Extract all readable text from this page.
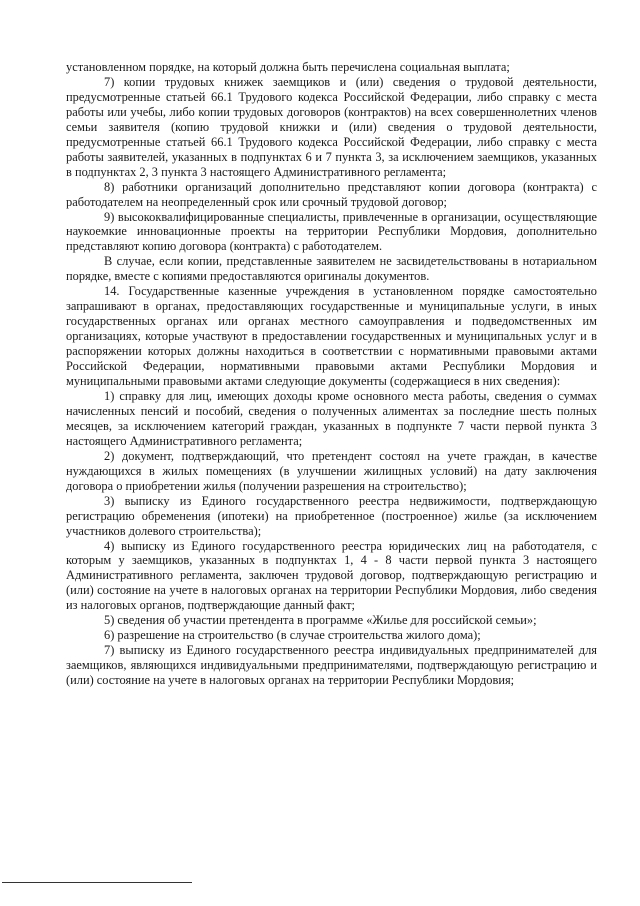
установленном порядке, на который должна быть перечислена социальная выплата;

7) копии трудовых книжек заемщиков и (или) сведения о трудовой деятельности, предусмотренные статьей 66.1 Трудового кодекса Российской Федерации, либо справку с места работы или учебы, либо копии трудовых договоров (контрактов) на всех совершеннолетних членов семьи заявителя (копию трудовой книжки и (или) сведения о трудовой деятельности, предусмотренные статьей 66.1 Трудового кодекса Российской Федерации, либо справку с места работы заявителей, указанных в подпунктах 6 и 7 пункта 3, за исключением заемщиков, указанных в подпунктах 2, 3 пункта 3 настоящего Административного регламента;

8) работники организаций дополнительно представляют копии договора (контракта) с работодателем на неопределенный срок или срочный трудовой договор;

9) высококвалифицированные специалисты, привлеченные в организации, осуществляющие наукоемкие инновационные проекты на территории Республики Мордовия, дополнительно представляют копию договора (контракта) с работодателем.

В случае, если копии, представленные заявителем не засвидетельствованы в нотариальном порядке, вместе с копиями предоставляются оригиналы документов.

14. Государственные казенные учреждения в установленном порядке самостоятельно запрашивают в органах, предоставляющих государственные и муниципальные услуги, в иных государственных органах или органах местного самоуправления и подведомственных им организациях, которые участвуют в предоставлении государственных и муниципальных услуг и в распоряжении которых должны находиться в соответствии с нормативными правовыми актами Российской Федерации, нормативными правовыми актами Республики Мордовия и муниципальными правовыми актами следующие документы (содержащиеся в них сведения):

1) справку для лиц, имеющих доходы кроме основного места работы, сведения о суммах начисленных пенсий и пособий, сведения о полученных алиментах за последние шесть полных месяцев, за исключением категорий граждан, указанных в подпункте 7 части первой пункта 3 настоящего Административного регламента;

2) документ, подтверждающий, что претендент состоял на учете граждан, в качестве нуждающихся в жилых помещениях (в улучшении жилищных условий) на дату заключения договора о приобретении жилья (получении разрешения на строительство);

3) выписку из Единого государственного реестра недвижимости, подтверждающую регистрацию обременения (ипотеки) на приобретенное (построенное) жилье (за исключением участников долевого строительства);

4) выписку из Единого государственного реестра юридических лиц на работодателя, с которым у заемщиков, указанных в подпунктах 1, 4 - 8 части первой пункта 3 настоящего Административного регламента, заключен трудовой договор, подтверждающую регистрацию и (или) состояние на учете в налоговых органах на территории Республики Мордовия, либо сведения из налоговых органов, подтверждающие данный факт;

5) сведения об участии претендента в программе «Жилье для российской семьи»;

6) разрешение на строительство (в случае строительства жилого дома);

7) выписку из Единого государственного реестра индивидуальных предпринимателей для заемщиков, являющихся индивидуальными предпринимателями, подтверждающую регистрацию и (или) состояние на учете в налоговых органах на территории Республики Мордовия;
